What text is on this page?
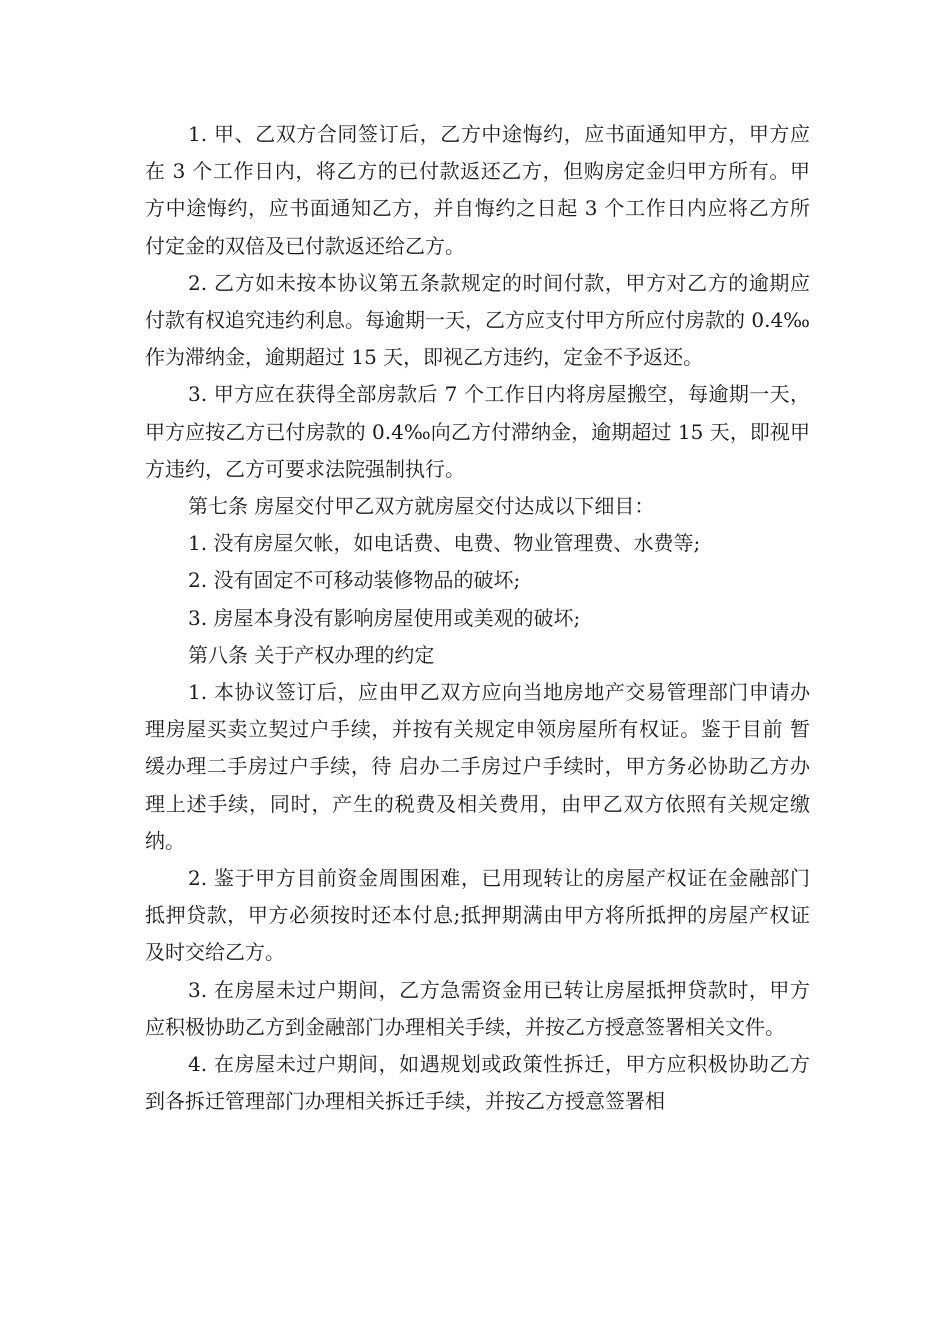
1. 甲、乙双方合同签订后，乙方中途悔约，应书面通知甲方，甲方应在 3 个工作日内，将乙方的已付款返还乙方，但购房定金归甲方所有。甲方中途悔约，应书面通知乙方，并自悔约之日起 3 个工作日内应将乙方所付定金的双倍及已付款返还给乙方。

2. 乙方如未按本协议第五条款规定的时间付款，甲方对乙方的逾期应付款有权追究违约利息。每逾期一天，乙方应支付甲方所应付房款的 0.4‰作为滞纳金，逾期超过 15 天，即视乙方违约，定金不予返还。

3. 甲方应在获得全部房款后 7 个工作日内将房屋搬空，每逾期一天，甲方应按乙方已付房款的 0.4‰向乙方付滞纳金，逾期超过 15 天，即视甲方违约，乙方可要求法院强制执行。

第七条 房屋交付甲乙双方就房屋交付达成以下细目：

1. 没有房屋欠帐，如电话费、电费、物业管理费、水费等;

2. 没有固定不可移动装修物品的破坏;

3. 房屋本身没有影响房屋使用或美观的破坏;

第八条 关于产权办理的约定

1. 本协议签订后，应由甲乙双方应向当地房地产交易管理部门申请办理房屋买卖立契过户手续，并按有关规定申领房屋所有权证。鉴于目前 暂缓办理二手房过户手续，待 启办二手房过户手续时，甲方务必协助乙方办理上述手续，同时，产生的税费及相关费用，由甲乙双方依照有关规定缴纳。

2. 鉴于甲方目前资金周围困难，已用现转让的房屋产权证在金融部门抵押贷款，甲方必须按时还本付息;抵押期满由甲方将所抵押的房屋产权证及时交给乙方。

3. 在房屋未过户期间，乙方急需资金用已转让房屋抵押贷款时，甲方应积极协助乙方到金融部门办理相关手续，并按乙方授意签署相关文件。

4. 在房屋未过户期间，如遇规划或政策性拆迁，甲方应积极协助乙方到各拆迁管理部门办理相关拆迁手续，并按乙方授意签署相
